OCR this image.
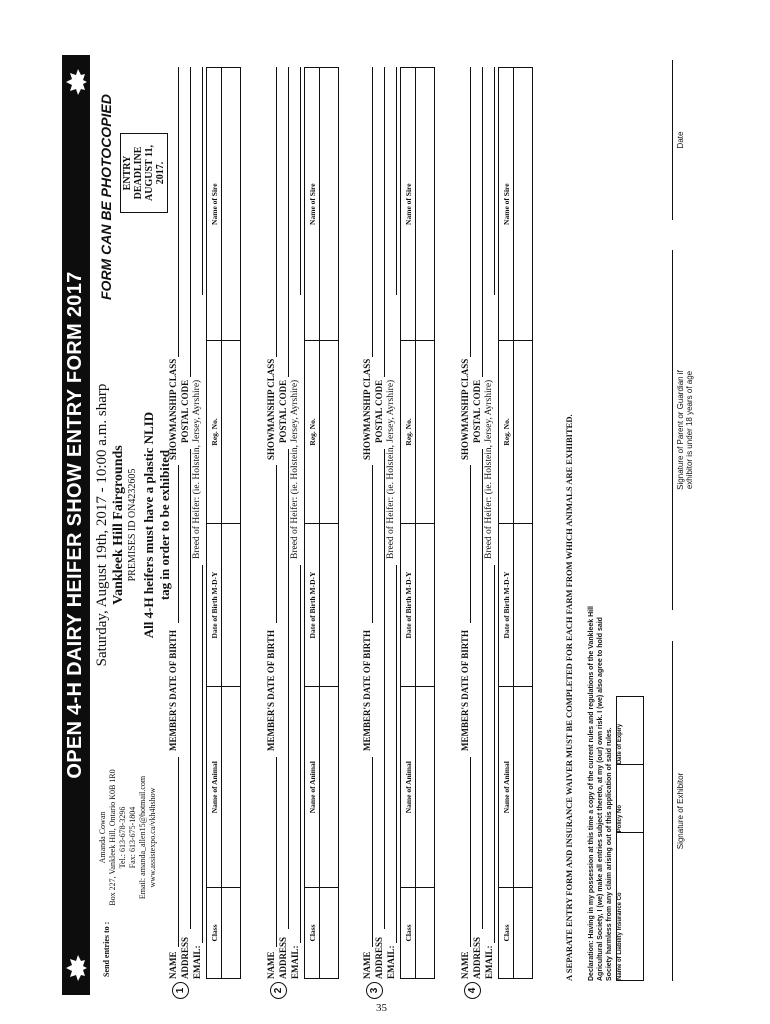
OPEN 4-H DAIRY HEIFER SHOW ENTRY FORM 2017
Send entries to :
Amanda Cowan Box 227, Vankleek Hill, Ontario K0B 1R0 Tel.: 613-678-3296 Fax: 613-675-1804 Email: amanda_allen15@hotmail.com www.assistexpo.ca/vkh4hshow
Saturday, August 19th, 2017 - 10:00 a.m. sharp Vankleek Hill Fairgrounds PREMISES ID ON4232605 All 4-H heifers must have a plastic NLID tag in order to be exhibited
FORM CAN BE PHOTOCOPIED ENTRY DEADLINE AUGUST 11, 2017.
1
NAME
MEMBER'S DATE OF BIRTH
SHOWMANSHIP CLASS
ADDRESS
POSTAL CODE
EMAIL:
Breed of Heifer: (ie. Holstein, Jersey, Ayrshire)
Class	Name of Animal	Date of Birth M-D-Y	Reg. No.	Name of Sire

2
NAME
MEMBER'S DATE OF BIRTH
SHOWMANSHIP CLASS
ADDRESS
POSTAL CODE
EMAIL:
Breed of Heifer: (ie. Holstein, Jersey, Ayrshire)
Class	Name of Animal	Date of Birth M-D-Y	Reg. No.	Name of Sire

3
NAME
MEMBER'S DATE OF BIRTH
SHOWMANSHIP CLASS
ADDRESS
POSTAL CODE
EMAIL:
Breed of Heifer: (ie. Holstein, Jersey, Ayrshire)
Class	Name of Animal	Date of Birth M-D-Y	Reg. No.	Name of Sire

4
NAME
MEMBER'S DATE OF BIRTH
SHOWMANSHIP CLASS
ADDRESS
POSTAL CODE
EMAIL:
Breed of Heifer: (ie. Holstein, Jersey, Ayrshire)
Class	Name of Animal	Date of Birth M-D-Y	Reg. No.	Name of Sire

A SEPARATE ENTRY FORM AND INSURANCE WAIVER MUST BE COMPLETED FOR EACH FARM FROM WHICH ANIMALS ARE EXHIBITED. Declaration: Having in my possession at this time a copy of the current rules and regulations of the Vankleek Hill Agricultural Society, I (we) make all entries subject thereto, at my (our) own risk. I (we) also agree to hold said Society harmless from any claim arising out of this application of said rules. Name of Liability Insurance Co	Policy No	Date of Expiry
Signature of Exhibitor
Signature of Parent or Guardian if exhibitor is under 18 years of age
Date
35
